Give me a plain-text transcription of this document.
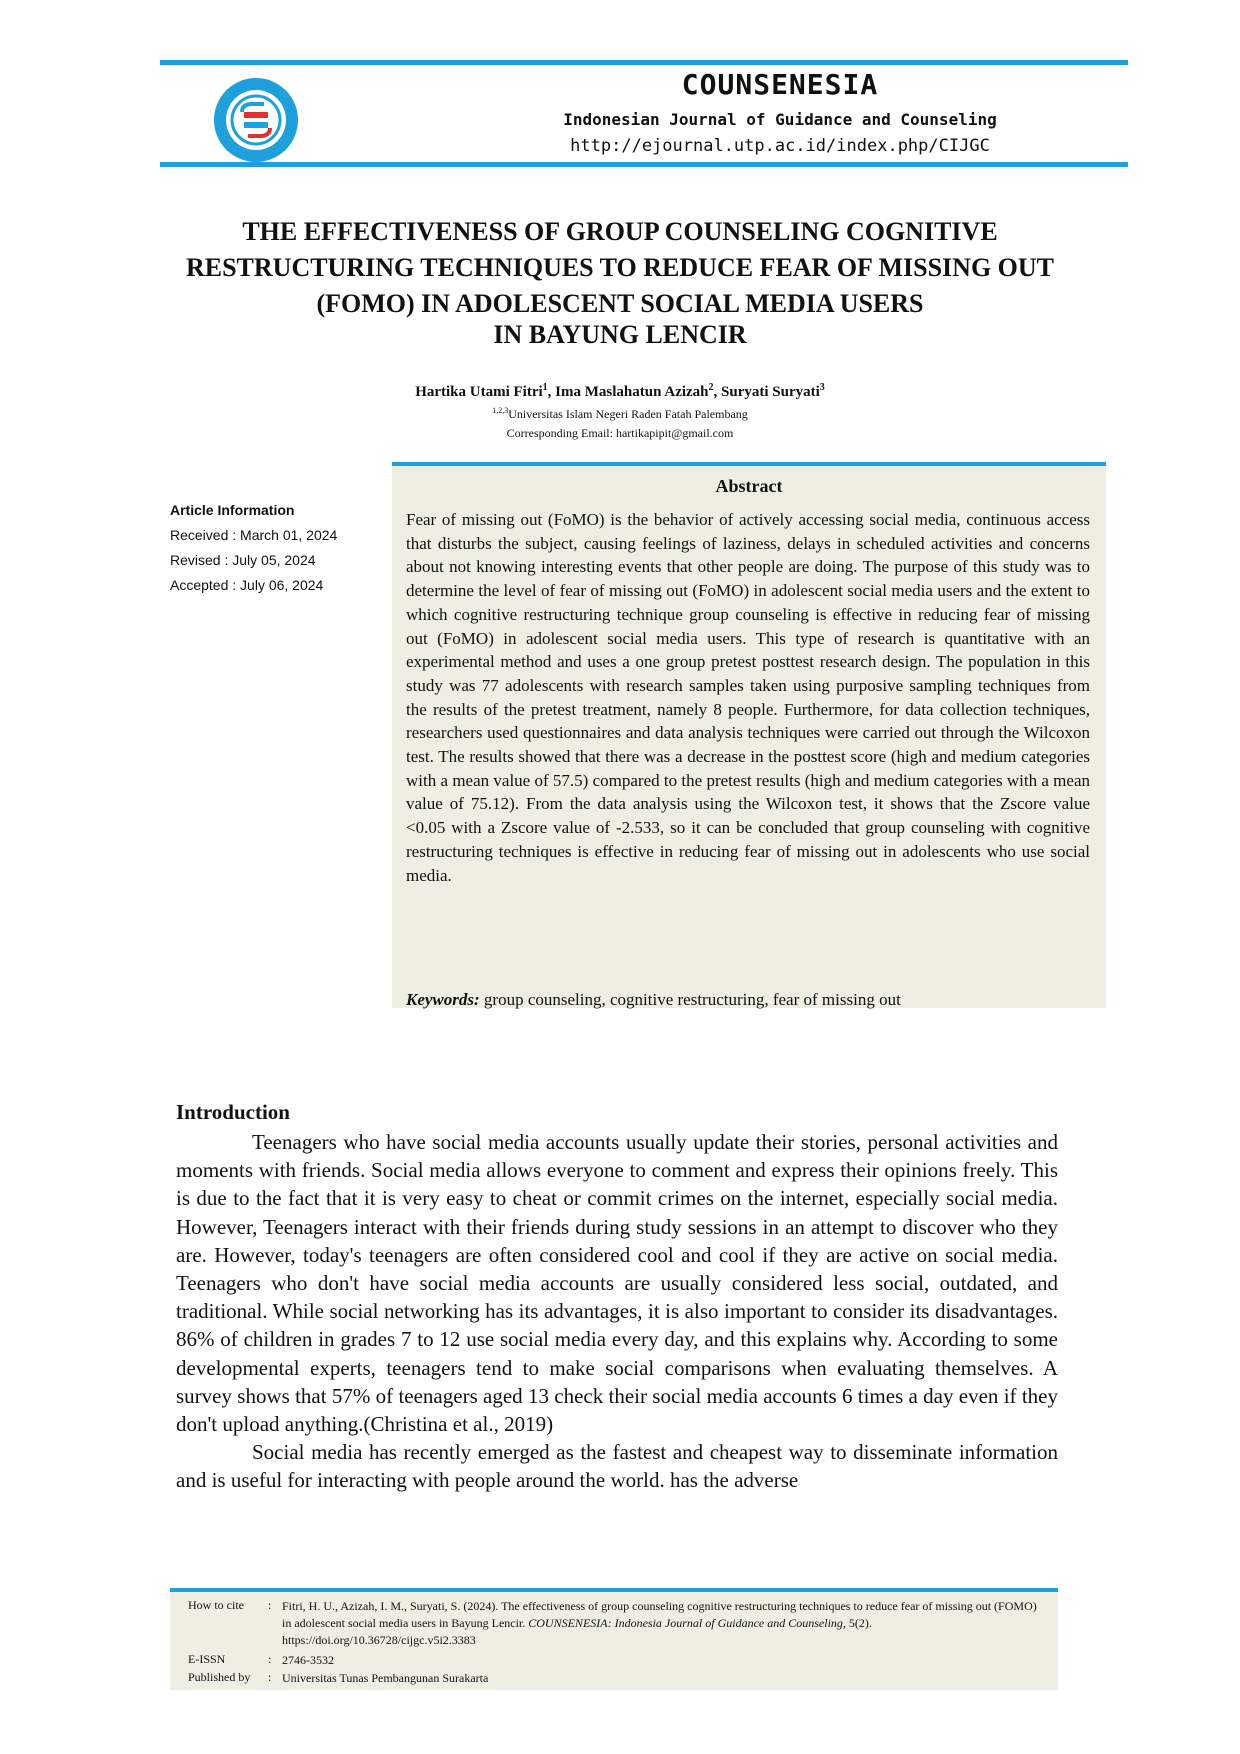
COUNSENESIA
Indonesian Journal of Guidance and Counseling
http://ejournal.utp.ac.id/index.php/CIJGC
THE EFFECTIVENESS OF GROUP COUNSELING COGNITIVE RESTRUCTURING TECHNIQUES TO REDUCE FEAR OF MISSING OUT (FOMO) IN ADOLESCENT SOCIAL MEDIA USERS
IN BAYUNG LENCIR
Hartika Utami Fitri$^1$, Ima Maslahatun Azizah$^2$, Suryati Suryati$^3$
$^{1,2,3}$Universitas Islam Negeri Raden Fatah Palembang
Corresponding Email: hartikapipit@gmail.com
Article Information
Received : March 01, 2024
Revised : July 05, 2024
Accepted : July 06, 2024
Abstract
Fear of missing out (FoMO) is the behavior of actively accessing social media, continuous access that disturbs the subject, causing feelings of laziness, delays in scheduled activities and concerns about not knowing interesting events that other people are doing. The purpose of this study was to determine the level of fear of missing out (FoMO) in adolescent social media users and the extent to which cognitive restructuring technique group counseling is effective in reducing fear of missing out (FoMO) in adolescent social media users. This type of research is quantitative with an experimental method and uses a one group pretest posttest research design. The population in this study was 77 adolescents with research samples taken using purposive sampling techniques from the results of the pretest treatment, namely 8 people. Furthermore, for data collection techniques, researchers used questionnaires and data analysis techniques were carried out through the Wilcoxon test. The results showed that there was a decrease in the posttest score (high and medium categories with a mean value of 57.5) compared to the pretest results (high and medium categories with a mean value of 75.12). From the data analysis using the Wilcoxon test, it shows that the Zscore value <0.05 with a Zscore value of -2.533, so it can be concluded that group counseling with cognitive restructuring techniques is effective in reducing fear of missing out in adolescents who use social media.
Keywords: group counseling, cognitive restructuring, fear of missing out
Introduction

Teenagers who have social media accounts usually update their stories, personal activities and moments with friends. Social media allows everyone to comment and express their opinions freely. This is due to the fact that it is very easy to cheat or commit crimes on the internet, especially social media. However, Teenagers interact with their friends during study sessions in an attempt to discover who they are. However, today's teenagers are often considered cool and cool if they are active on social media. Teenagers who don't have social media accounts are usually considered less social, outdated, and traditional. While social networking has its advantages, it is also important to consider its disadvantages. 86% of children in grades 7 to 12 use social media every day, and this explains why. According to some developmental experts, teenagers tend to make social comparisons when evaluating themselves. A survey shows that 57% of teenagers aged 13 check their social media accounts 6 times a day even if they don't upload anything.(Christina et al., 2019)

Social media has recently emerged as the fastest and cheapest way to disseminate information and is useful for interacting with people around the world. has the adverse

How to cite	: Fitri, H. U., Azizah, I. M., Suryati, S. (2024). The effectiveness of group counseling cognitive restructuring techniques to reduce fear of missing out (FOMO) in adolescent social media users in Bayung Lencir. COUNSENESIA: Indonesia Journal of Guidance and Counseling, 5(2). https://doi.org/10.36728/cijgc.v5i2.3383
E-ISSN	: 2746-3532
Published by	: Universitas Tunas Pembangunan Surakarta
